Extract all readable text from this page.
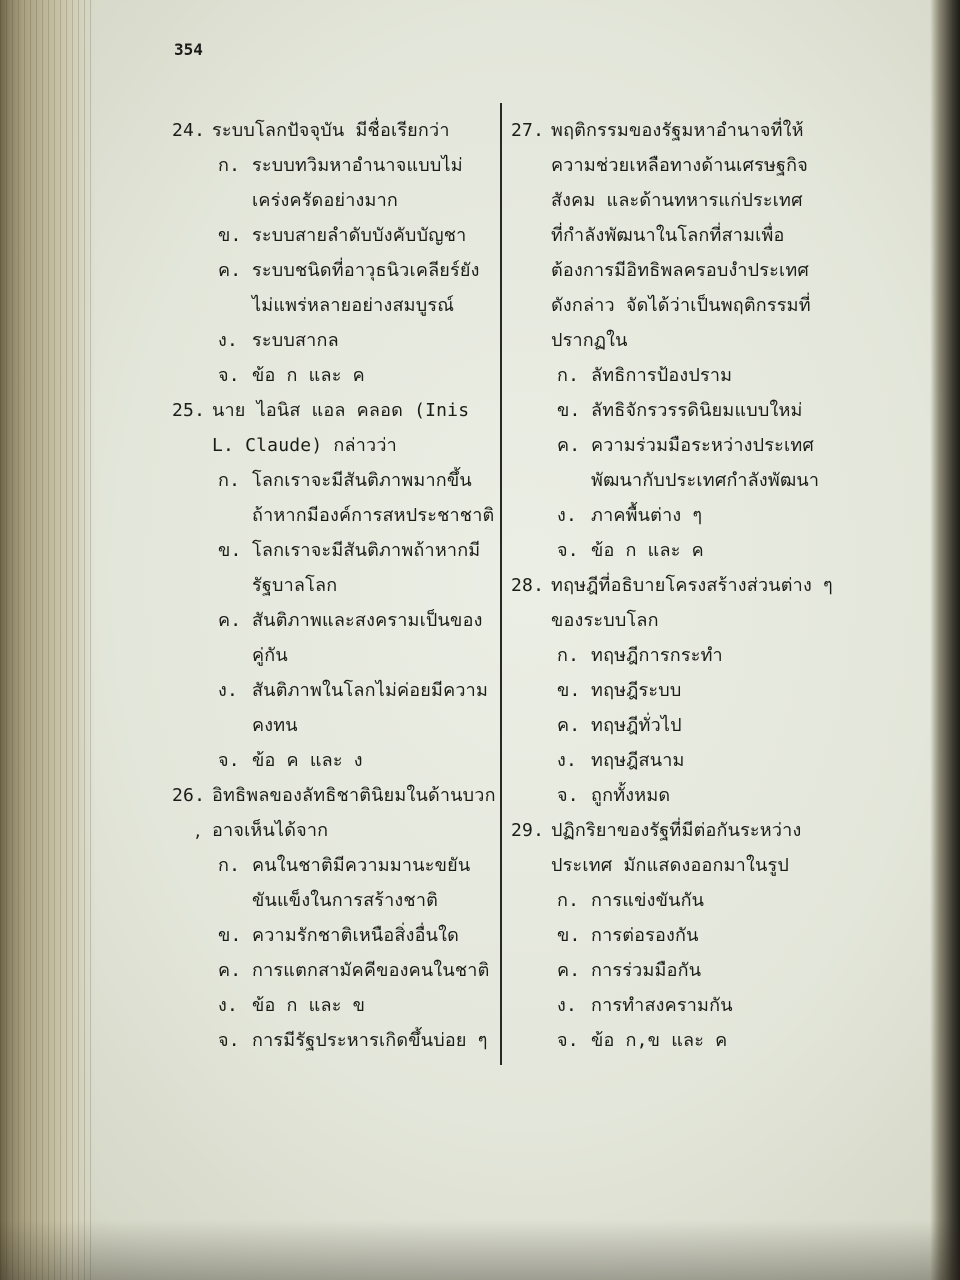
354
,
24. ระบบโลกปัจจุบัน มีชื่อเรียกว่า
ก. ระบบทวิมหาอำนาจแบบไม่
เคร่งครัดอย่างมาก
ข. ระบบสายลำดับบังคับบัญชา
ค. ระบบชนิดที่อาวุธนิวเคลียร์ยัง
ไม่แพร่หลายอย่างสมบูรณ์
ง. ระบบสากล
จ. ข้อ ก และ ค
25. นาย ไอนิส แอล คลอด (Inis
L. Claude) กล่าวว่า
ก. โลกเราจะมีสันติภาพมากขึ้น
ถ้าหากมีองค์การสหประชาชาติ
ข. โลกเราจะมีสันติภาพถ้าหากมี
รัฐบาลโลก
ค. สันติภาพและสงครามเป็นของ
คู่กัน
ง. สันติภาพในโลกไม่ค่อยมีความ
คงทน
จ. ข้อ ค และ ง
26. อิทธิพลของลัทธิชาตินิยมในด้านบวก
อาจเห็นได้จาก
ก. คนในชาติมีความมานะขยัน
ขันแข็งในการสร้างชาติ
ข. ความรักชาติเหนือสิ่งอื่นใด
ค. การแตกสามัคคีของคนในชาติ
ง. ข้อ ก และ ข
จ. การมีรัฐประหารเกิดขึ้นบ่อย ๆ
27. พฤติกรรมของรัฐมหาอำนาจที่ให้
ความช่วยเหลือทางด้านเศรษฐกิจ
สังคม และด้านทหารแก่ประเทศ
ที่กำลังพัฒนาในโลกที่สามเพื่อ
ต้องการมีอิทธิพลครอบงำประเทศ
ดังกล่าว จัดได้ว่าเป็นพฤติกรรมที่
ปรากฏใน
ก. ลัทธิการป้องปราม
ข. ลัทธิจักรวรรดินิยมแบบใหม่
ค. ความร่วมมือระหว่างประเทศ
พัฒนากับประเทศกำลังพัฒนา
ง. ภาคพื้นต่าง ๆ
จ. ข้อ ก และ ค
28. ทฤษฎีที่อธิบายโครงสร้างส่วนต่าง ๆ
ของระบบโลก
ก. ทฤษฎีการกระทำ
ข. ทฤษฎีระบบ
ค. ทฤษฎีทั่วไป
ง. ทฤษฎีสนาม
จ. ถูกทั้งหมด
29. ปฏิกริยาของรัฐที่มีต่อกันระหว่าง
ประเทศ มักแสดงออกมาในรูป
ก. การแข่งขันกัน
ข. การต่อรองกัน
ค. การร่วมมือกัน
ง. การทำสงครามกัน
จ. ข้อ ก,ข และ ค
